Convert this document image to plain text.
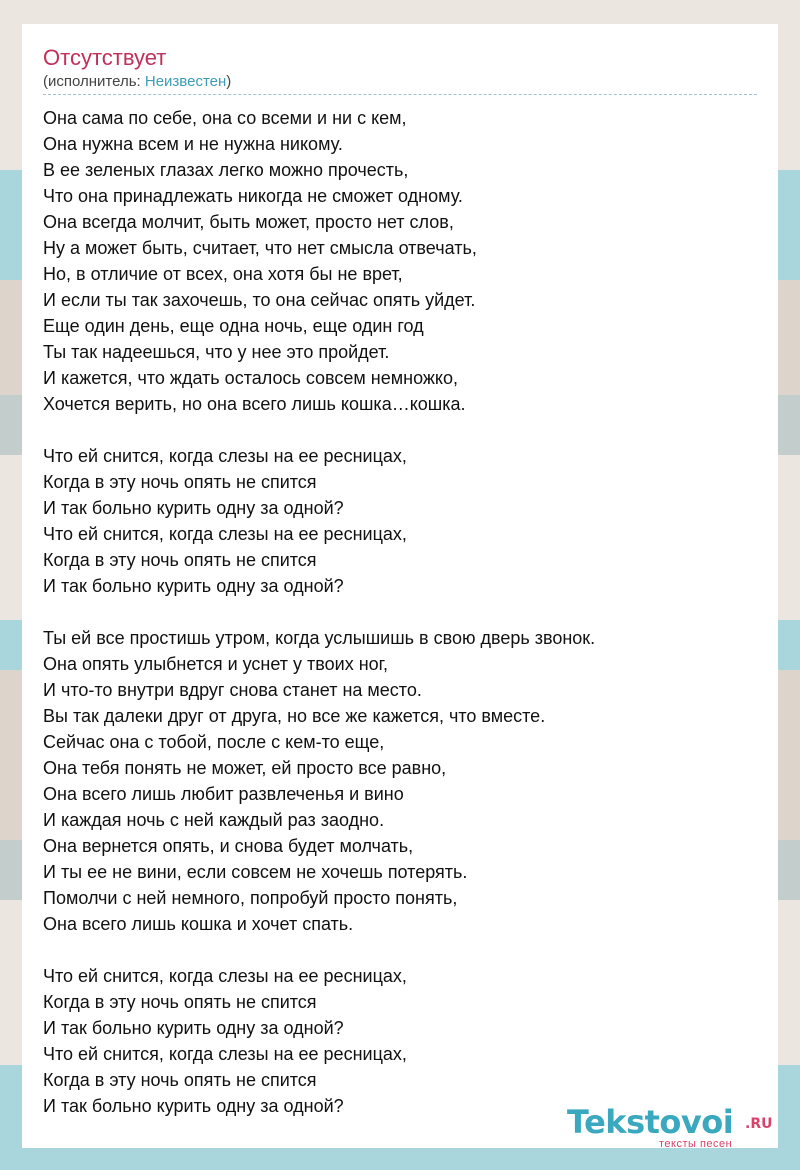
Отсутствует
(исполнитель: Неизвестен)
Она сама по себе, она со всеми и ни с кем,
Она нужна всем и не нужна никому.
В ее зеленых глазах легко можно прочесть,
Что она принадлежать никогда не сможет одному.
Она всегда молчит, быть может, просто нет слов,
Ну а может быть, считает, что нет смысла отвечать,
Но, в отличие от всех, она хотя бы не врет,
И если ты так захочешь, то она сейчас опять уйдет.
Еще один день, еще одна ночь, еще один год
Ты так надеешься, что у нее это пройдет.
И кажется, что ждать осталось совсем немножко,
Хочется верить, но она всего лишь кошка…кошка.
Что ей снится, когда слезы на ее ресницах,
Когда в эту ночь опять не спится
И так больно курить одну за одной?
Что ей снится, когда слезы на ее ресницах,
Когда в эту ночь опять не спится
И так больно курить одну за одной?
Ты ей все простишь утром, когда услышишь в свою дверь звонок.
Она опять улыбнется и уснет у твоих ног,
И что-то внутри вдруг снова станет на место.
Вы так далеки друг от друга, но все же кажется, что вместе.
Сейчас она с тобой, после с кем-то еще,
Она тебя понять не может, ей просто все равно,
Она всего лишь любит развлеченья и вино
И каждая ночь с ней каждый раз заодно.
Она вернется опять, и снова будет молчать,
И ты ее не вини, если совсем не хочешь потерять.
Помолчи с ней немного, попробуй просто понять,
Она всего лишь кошка и хочет спать.
Что ей снится, когда слезы на ее ресницах,
Когда в эту ночь опять не спится
И так больно курить одну за одной?
Что ей снится, когда слезы на ее ресницах,
Когда в эту ночь опять не спится
И так больно курить одну за одной?	Tekstovoi .RU
тексты песен
